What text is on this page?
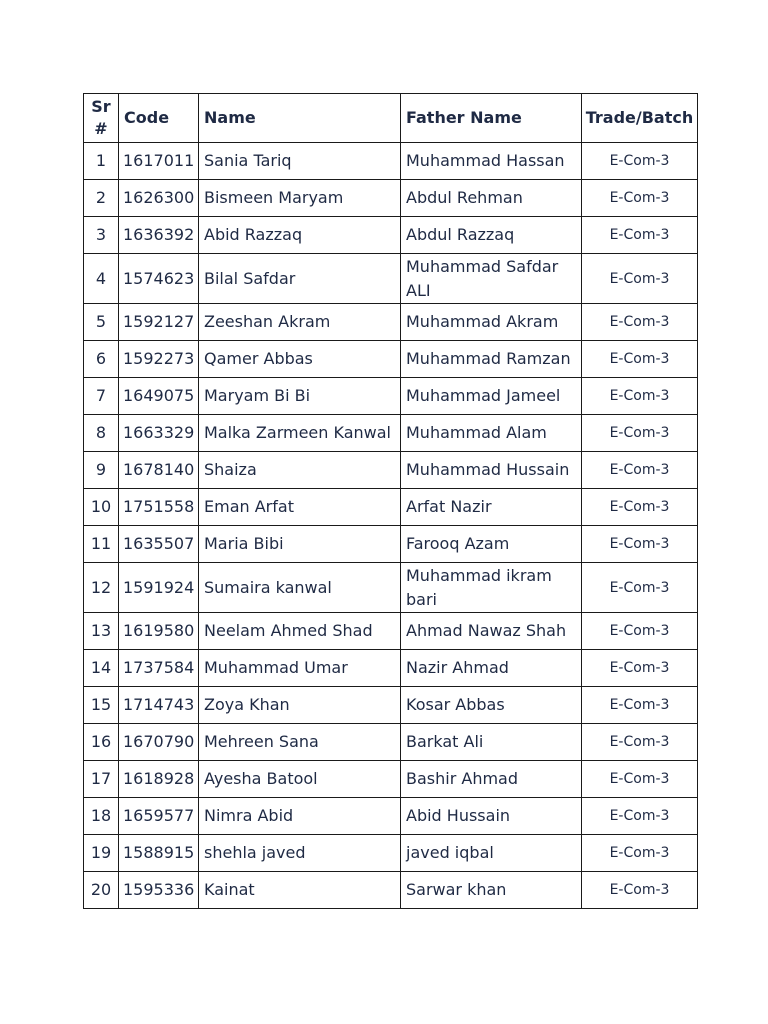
Sr #	Code	Name	Father Name	Trade/Batch
1	1617011	Sania Tariq	Muhammad Hassan	E-Com-3
2	1626300	Bismeen Maryam	Abdul Rehman	E-Com-3
3	1636392	Abid Razzaq	Abdul Razzaq	E-Com-3
4	1574623	Bilal Safdar	Muhammad Safdar ALI	E-Com-3
5	1592127	Zeeshan Akram	Muhammad Akram	E-Com-3
6	1592273	Qamer Abbas	Muhammad Ramzan	E-Com-3
7	1649075	Maryam Bi Bi	Muhammad Jameel	E-Com-3
8	1663329	Malka Zarmeen Kanwal	Muhammad Alam	E-Com-3
9	1678140	Shaiza	Muhammad Hussain	E-Com-3
10	1751558	Eman Arfat	Arfat Nazir	E-Com-3
11	1635507	Maria Bibi	Farooq Azam	E-Com-3
12	1591924	Sumaira kanwal	Muhammad ikram bari	E-Com-3
13	1619580	Neelam Ahmed Shad	Ahmad Nawaz Shah	E-Com-3
14	1737584	Muhammad Umar	Nazir Ahmad	E-Com-3
15	1714743	Zoya Khan	Kosar Abbas	E-Com-3
16	1670790	Mehreen Sana	Barkat Ali	E-Com-3
17	1618928	Ayesha Batool	Bashir Ahmad	E-Com-3
18	1659577	Nimra Abid	Abid Hussain	E-Com-3
19	1588915	shehla javed	javed iqbal	E-Com-3
20	1595336	Kainat	Sarwar khan	E-Com-3
